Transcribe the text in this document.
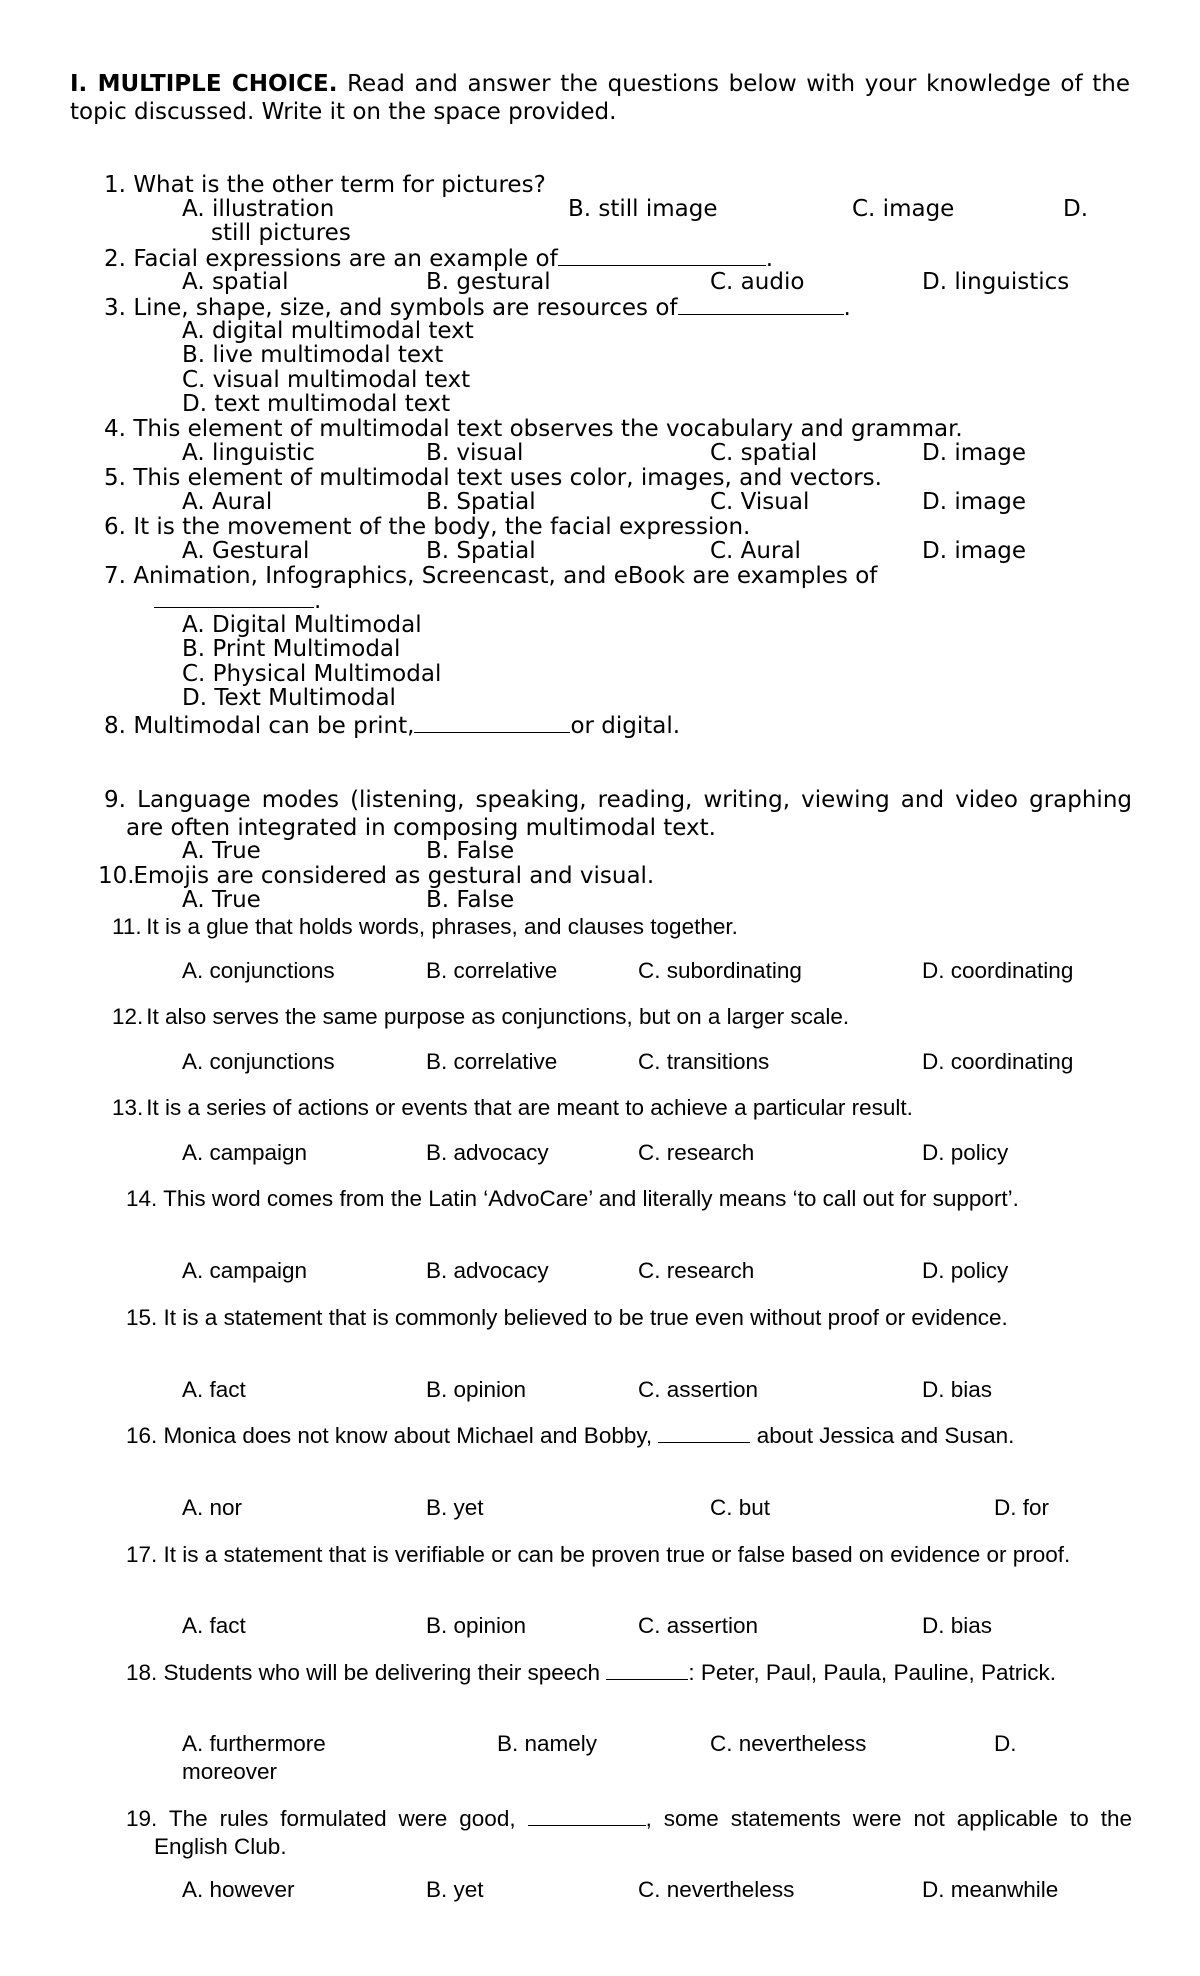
I. MULTIPLE CHOICE. Read and answer the questions below with your knowledge of the topic discussed. Write it on the space provided.
1. What is the other term for pictures?
A. illustration	B. still image	C. image	D.
still pictures
2. Facial expressions are an example of	.
A. spatial	B. gestural	C. audio	D. linguistics
3. Line, shape, size, and symbols are resources of	.
A. digital multimodal text
B. live multimodal text
C. visual multimodal text
D. text multimodal text
4. This element of multimodal text observes the vocabulary and grammar.
A. linguistic	B. visual	C. spatial	D. image
5. This element of multimodal text uses color, images, and vectors.
A. Aural	B. Spatial	C. Visual	D. image
6. It is the movement of the body, the facial expression.
A. Gestural	B. Spatial	C. Aural	D. image
7. Animation, Infographics, Screencast, and eBook are examples of
.
A. Digital Multimodal
B. Print Multimodal
C. Physical Multimodal
D. Text Multimodal
8. Multimodal can be print,	or digital.
9. Language modes (listening, speaking, reading, writing, viewing and video graphing are often integrated in composing multimodal text.
A. True	B. False
10. Emojis are considered as gestural and visual.
A. True	B. False
11. It is a glue that holds words, phrases, and clauses together.
A. conjunctions	B. correlative	C. subordinating	D. coordinating
12. It also serves the same purpose as conjunctions, but on a larger scale.
A. conjunctions	B. correlative	C. transitions	D. coordinating
13. It is a series of actions or events that are meant to achieve a particular result.
A. campaign	B. advocacy	C. research	D. policy
14. This word comes from the Latin ‘AdvoCare’ and literally means ‘to call out for support’.
A. campaign	B. advocacy	C. research	D. policy
15. It is a statement that is commonly believed to be true even without proof or evidence.
A. fact	B. opinion	C. assertion	D. bias
16. Monica does not know about Michael and Bobby,	about Jessica and Susan.
A. nor	B. yet	C. but	D. for
17. It is a statement that is verifiable or can be proven true or false based on evidence or proof.
A. fact	B. opinion	C. assertion	D. bias
18. Students who will be delivering their speech	: Peter, Paul, Paula, Pauline, Patrick.
A. furthermore	B. namely	C. nevertheless	D.
moreover
19. The rules formulated were good,	, some statements were not applicable to the English Club.
A. however	B. yet	C. nevertheless	D. meanwhile
